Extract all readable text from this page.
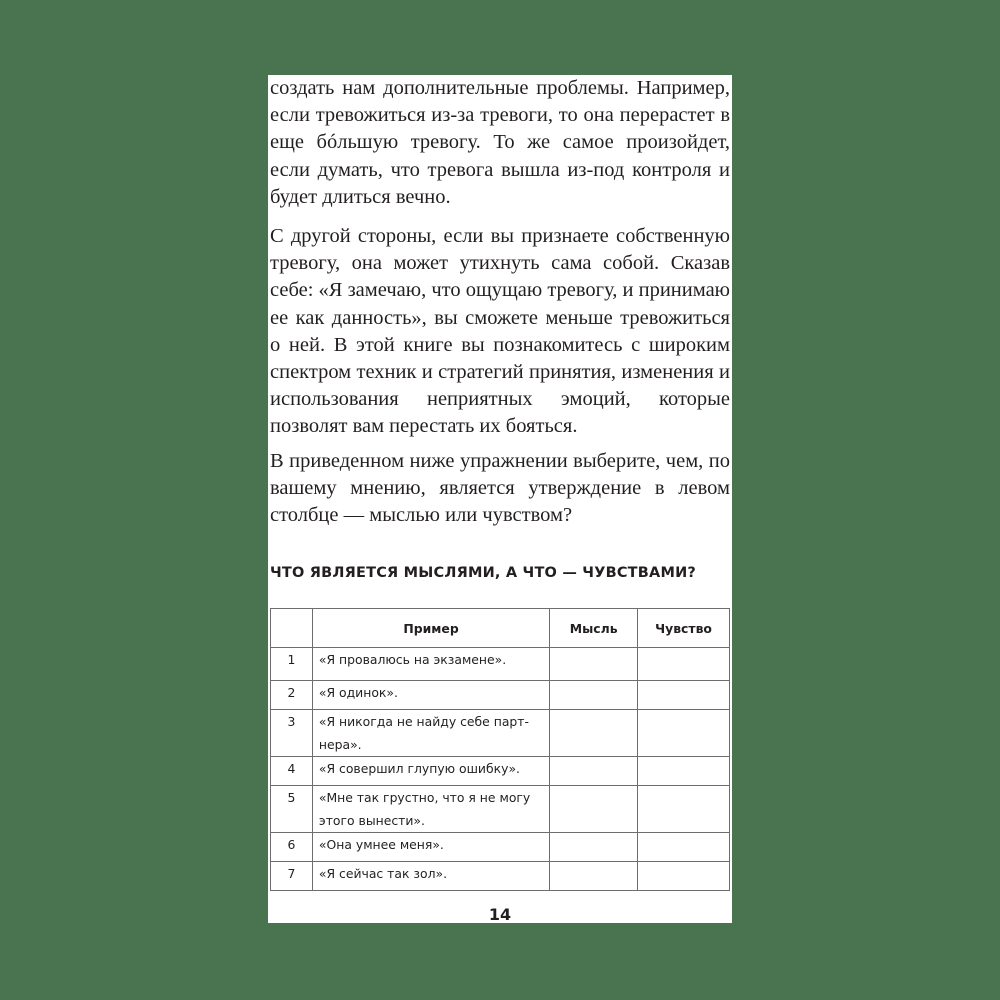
создать нам дополнительные проблемы. Например, если тревожиться из-за тревоги, то она перерастет в еще бóльшую тревогу. То же самое произойдет, если думать, что тревога вышла из-под контроля и будет длиться вечно.

С другой стороны, если вы признаете собственную тревогу, она может утихнуть сама собой. Сказав себе: «Я замечаю, что ощущаю тревогу, и принимаю ее как данность», вы сможете меньше тревожиться о ней. В этой книге вы познакомитесь с широким спектром техник и стратегий принятия, изменения и использования неприятных эмоций, которые позволят вам перестать их бояться.

В приведенном ниже упражнении выберите, чем, по вашему мнению, является утверждение в левом столбце — мыслью или чувством?

ЧТО ЯВЛЯЕТСЯ МЫСЛЯМИ, А ЧТО — ЧУВСТВАМИ?
	Пример	Мысль	Чувство
1	«Я провалюсь на экзамене».		
2	«Я одинок».		
3	«Я никогда не найду себе парт-нера».		
4	«Я совершил глупую ошибку».		
5	«Мне так грустно, что я не могу этого вынести».		
6	«Она умнее меня».		
7	«Я сейчас так зол».		
14
